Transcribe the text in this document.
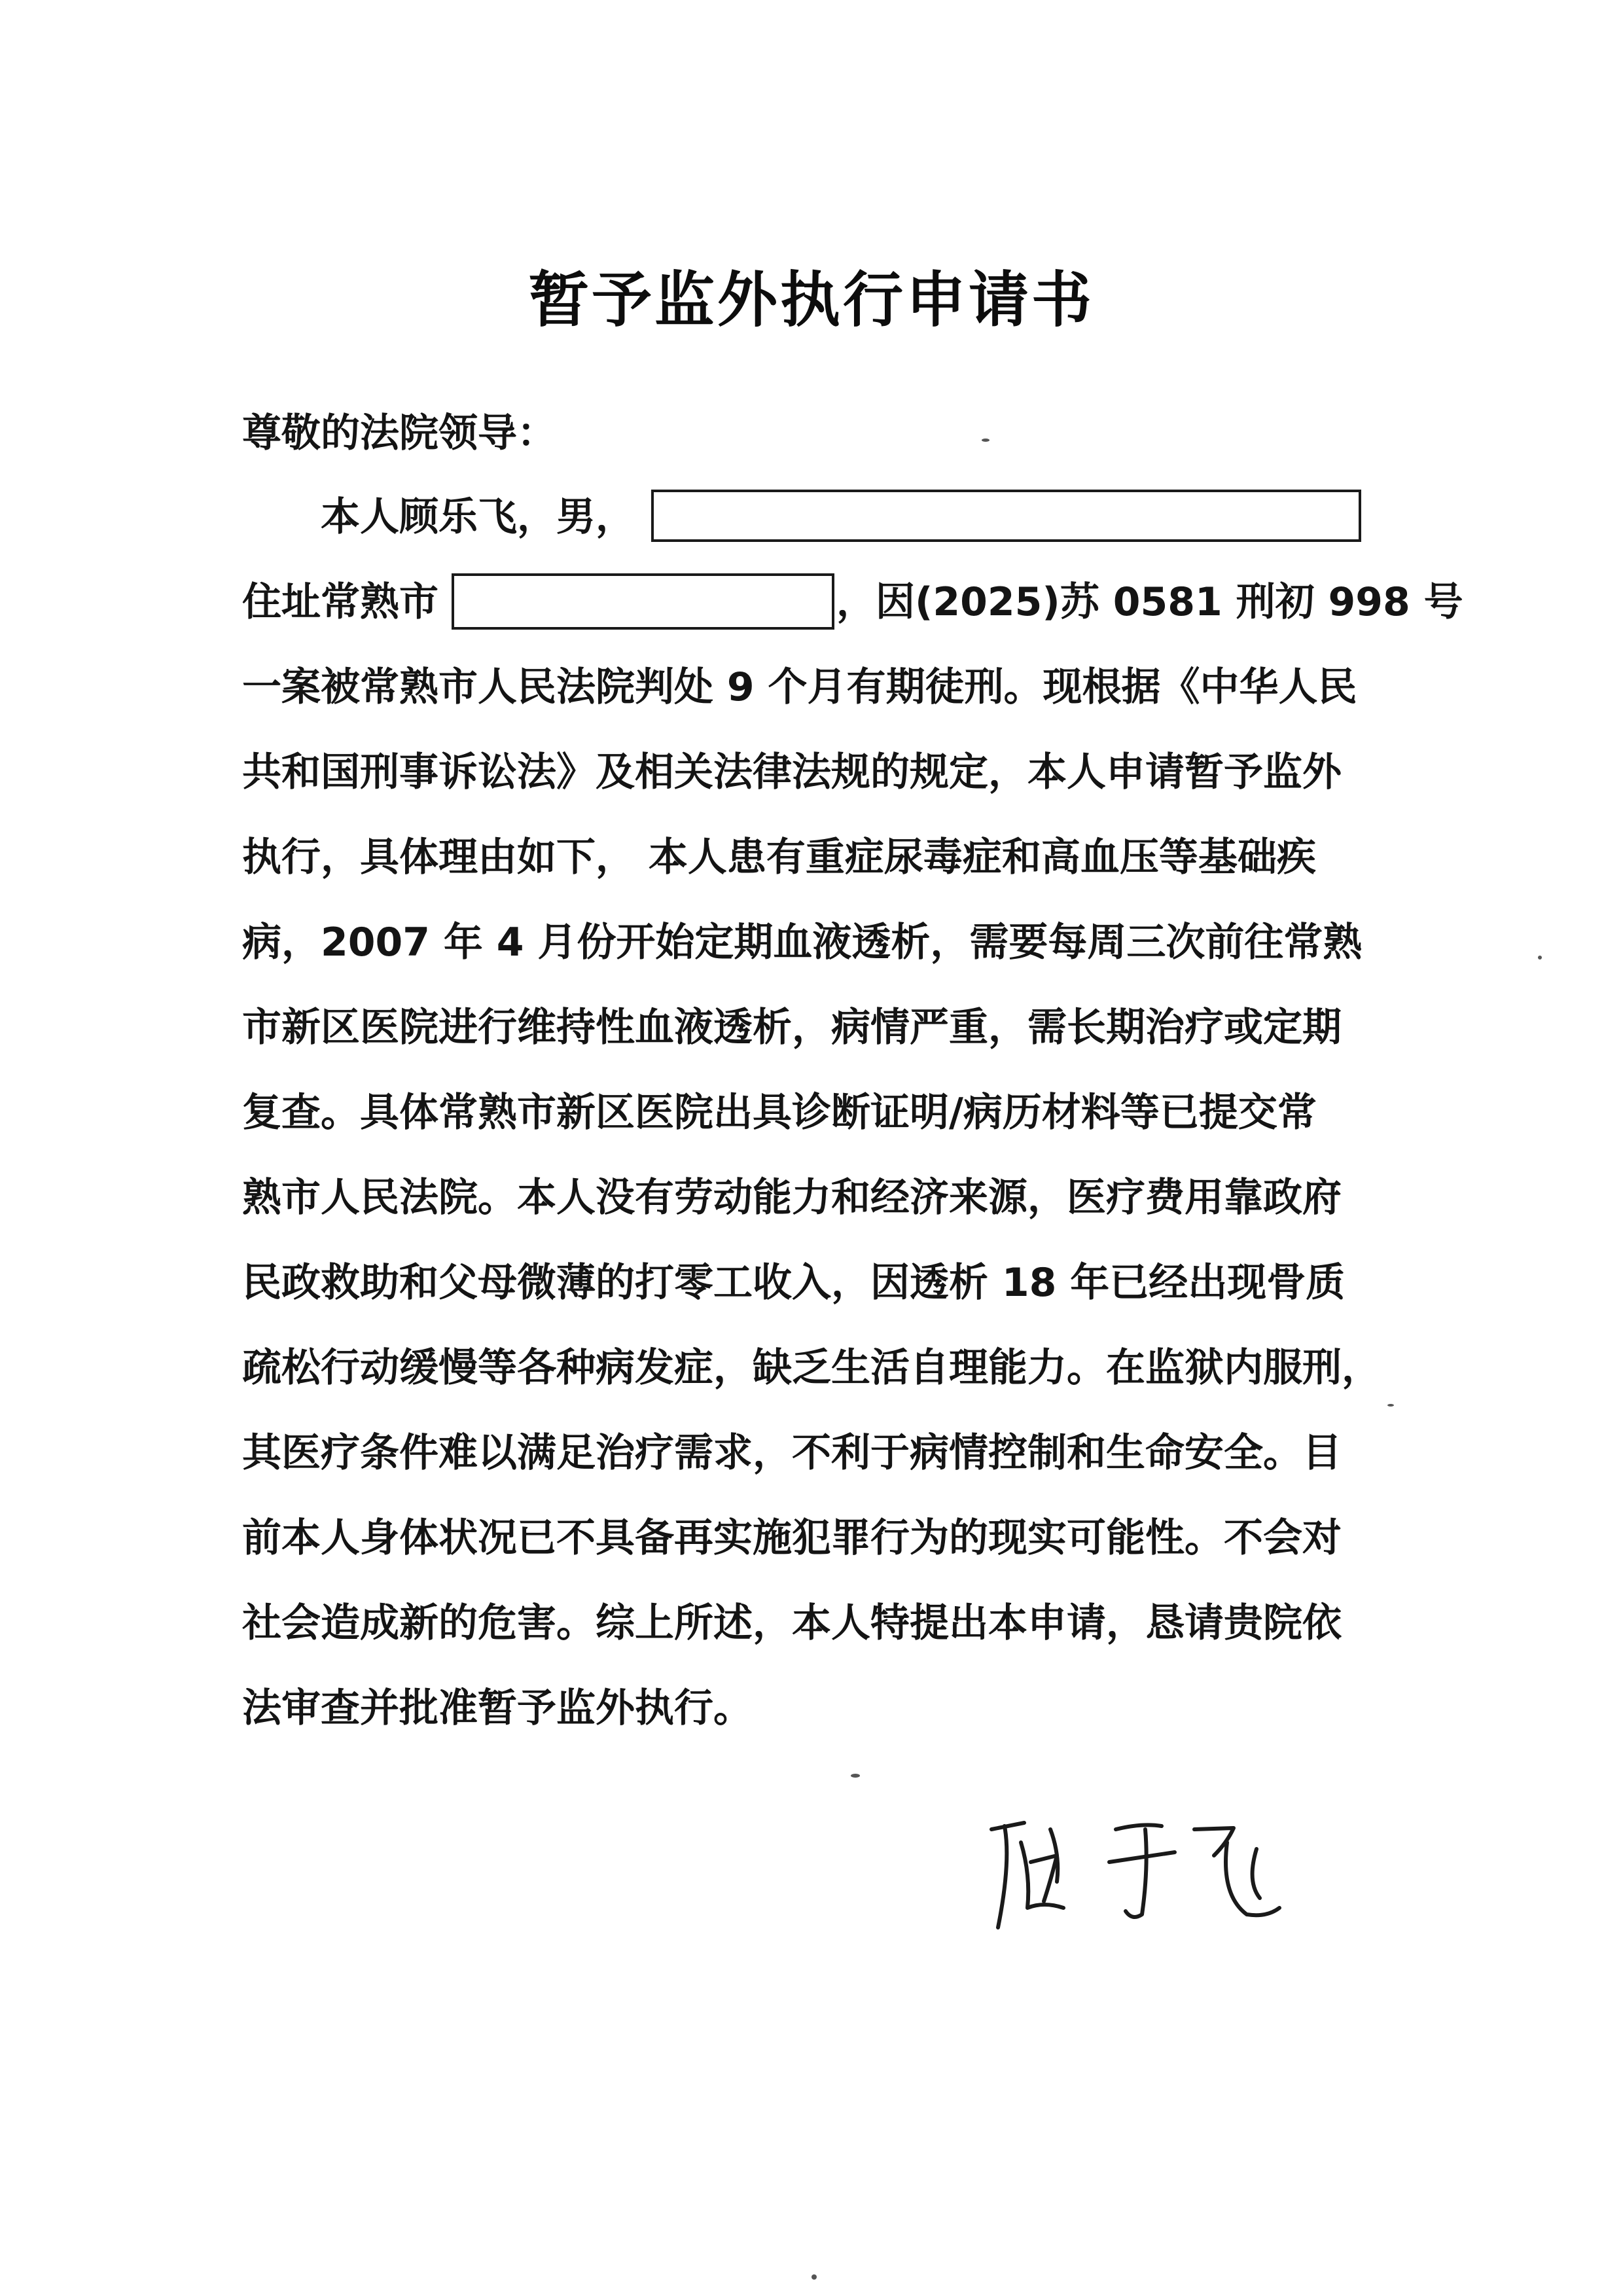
暂予监外执行申请书
尊敬的法院领导：
本人顾乐飞，男，
住址常熟市	，因(2025)苏 0581 刑初 998 号
一案被常熟市人民法院判处 9 个月有期徒刑。现根据《中华人民
共和国刑事诉讼法》及相关法律法规的规定，本人申请暂予监外
执行，具体理由如下， 本人患有重症尿毒症和高血压等基础疾
病，2007 年 4 月份开始定期血液透析，需要每周三次前往常熟
市新区医院进行维持性血液透析，病情严重，需长期治疗或定期
复查。具体常熟市新区医院出具诊断证明/病历材料等已提交常
熟市人民法院。本人没有劳动能力和经济来源，医疗费用靠政府
民政救助和父母微薄的打零工收入，因透析 18 年已经出现骨质
疏松行动缓慢等各种病发症，缺乏生活自理能力。在监狱内服刑，
其医疗条件难以满足治疗需求，不利于病情控制和生命安全。目
前本人身体状况已不具备再实施犯罪行为的现实可能性。不会对
社会造成新的危害。综上所述，本人特提出本申请，恳请贵院依
法审查并批准暂予监外执行。
